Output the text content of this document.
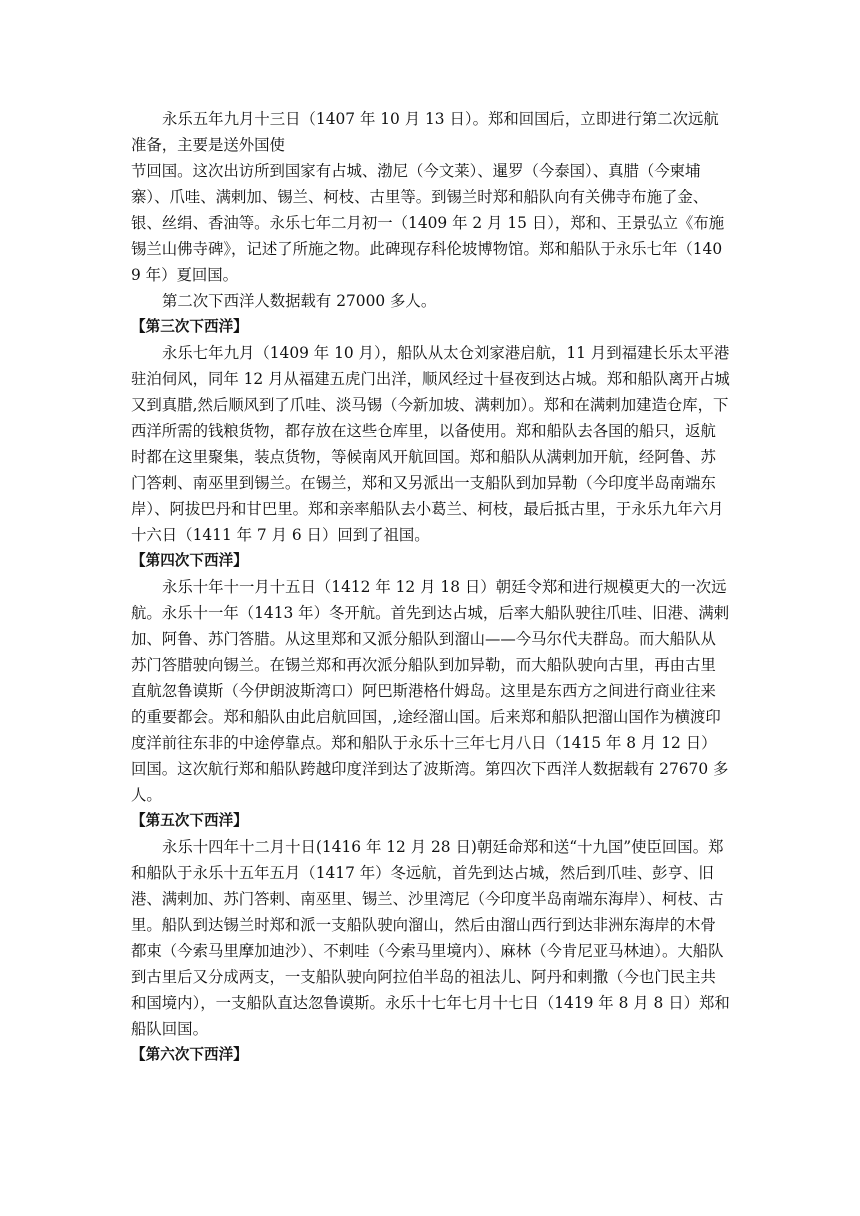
永乐五年九月十三日（1407 年 10 月 13 日）。郑和回国后，立即进行第二次远航准备，主要是送外国使

节回国。这次出访所到国家有占城、渤尼（今文莱）、暹罗（今泰国）、真腊（今柬埔寨）、爪哇、满剌加、锡兰、柯枝、古里等。到锡兰时郑和船队向有关佛寺布施了金、银、丝绢、香油等。永乐七年二月初一（1409 年 2 月 15 日），郑和、王景弘立《布施锡兰山佛寺碑》，记述了所施之物。此碑现存科伦坡博物馆。郑和船队于永乐七年（1409 年）夏回国。

第二次下西洋人数据载有 27000 多人。

【第三次下西洋】

永乐七年九月（1409 年 10 月），船队从太仓刘家港启航，11 月到福建长乐太平港驻泊伺风，同年 12 月从福建五虎门出洋，顺风经过十昼夜到达占城。郑和船队离开占城又到真腊,然后顺风到了爪哇、淡马锡（今新加坡、满剌加）。郑和在满剌加建造仓库，下西洋所需的钱粮货物，都存放在这些仓库里，以备使用。郑和船队去各国的船只，返航时都在这里聚集，装点货物，等候南风开航回国。郑和船队从满剌加开航，经阿鲁、苏门答剌、南巫里到锡兰。在锡兰，郑和又另派出一支船队到加异勒（今印度半岛南端东岸）、阿拔巴丹和甘巴里。郑和亲率船队去小葛兰、柯枝，最后抵古里，于永乐九年六月十六日（1411 年 7 月 6 日）回到了祖国。

【第四次下西洋】

永乐十年十一月十五日（1412 年 12 月 18 日）朝廷令郑和进行规模更大的一次远航。永乐十一年（1413 年）冬开航。首先到达占城，后率大船队驶往爪哇、旧港、满剌加、阿鲁、苏门答腊。从这里郑和又派分船队到溜山——今马尔代夫群岛。而大船队从苏门答腊驶向锡兰。在锡兰郑和再次派分船队到加异勒，而大船队驶向古里，再由古里直航忽鲁谟斯（今伊朗波斯湾口）阿巴斯港格什姆岛。这里是东西方之间进行商业往来的重要都会。郑和船队由此启航回国，,途经溜山国。后来郑和船队把溜山国作为横渡印度洋前往东非的中途停靠点。郑和船队于永乐十三年七月八日（1415 年 8 月 12 日）回国。这次航行郑和船队跨越印度洋到达了波斯湾。第四次下西洋人数据载有 27670 多人。

【第五次下西洋】

永乐十四年十二月十日(1416 年 12 月 28 日)朝廷命郑和送“十九国”使臣回国。郑和船队于永乐十五年五月（1417 年）冬远航，首先到达占城，然后到爪哇、彭亨、旧港、满剌加、苏门答剌、南巫里、锡兰、沙里湾尼（今印度半岛南端东海岸）、柯枝、古里。船队到达锡兰时郑和派一支船队驶向溜山，然后由溜山西行到达非洲东海岸的木骨都束（今索马里摩加迪沙）、不剌哇（今索马里境内）、麻林（今肯尼亚马林迪）。大船队到古里后又分成两支，一支船队驶向阿拉伯半岛的祖法儿、阿丹和剌撒（今也门民主共和国境内），一支船队直达忽鲁谟斯。永乐十七年七月十七日（1419 年 8 月 8 日）郑和船队回国。

【第六次下西洋】
